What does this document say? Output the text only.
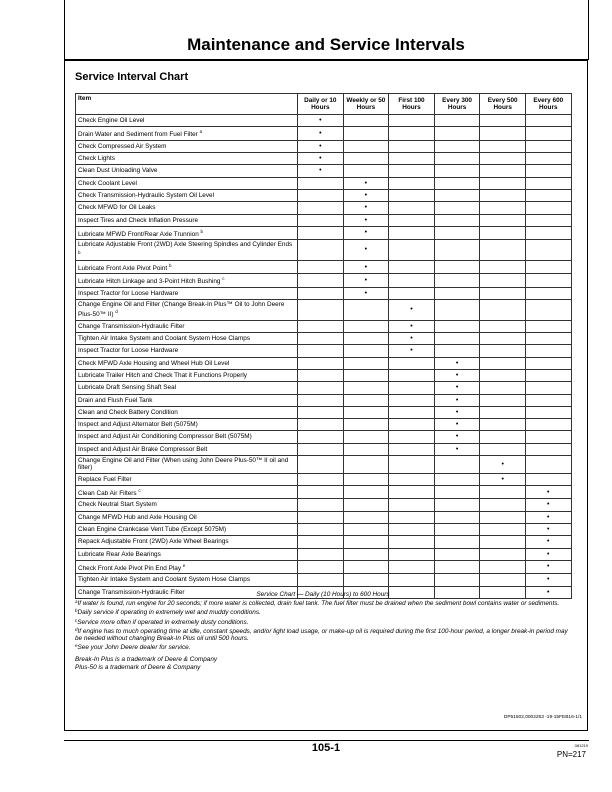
Maintenance and Service Intervals
Service Interval Chart
Item	Daily or 10 Hours	Weekly or 50 Hours	First 100 Hours	Every 300 Hours	Every 500 Hours	Every 600 Hours
Check Engine Oil Level	•					
Drain Water and Sediment from Fuel Filter $^a$	•					
Check Compressed Air System	•					
Check Lights	•					
Clean Dust Unloading Valve	•					
Check Coolant Level		•				
Check Transmission-Hydraulic System Oil Level		•				
Check MFWD for Oil Leaks		•				
Inspect Tires and Check Inflation Pressure		•				
Lubricate MFWD Front/Rear Axle Trunnion $^b$		•				
Lubricate Adjustable Front (2WD) Axle Steering Spindles and Cylinder Ends $^b$		•				
Lubricate Front Axle Pivot Point $^b$		•				
Lubricate Hitch Linkage and 3-Point Hitch Bushing $^c$		•				
Inspect Tractor for Loose Hardware		•				
Change Engine Oil and Filter (Change Break-In Plus™ Oil to John Deere Plus-50™ II) $^d$			•			
Change Transmission-Hydraulic Filter			•			
Tighten Air Intake System and Coolant System Hose Clamps			•			
Inspect Tractor for Loose Hardware			•			
Check MFWD Axle Housing and Wheel Hub Oil Level				•		
Lubricate Trailer Hitch and Check That it Functions Properly				•		
Lubricate Draft Sensing Shaft Seal				•		
Drain and Flush Fuel Tank				•		
Clean and Check Battery Condition				•		
Inspect and Adjust Alternator Belt (5075M)				•		
Inspect and Adjust Air Conditioning Compressor Belt (5075M)				•		
Inspect and Adjust Air Brake Compressor Belt				•		
Change Engine Oil and Filter (When using John Deere Plus-50™ II oil and filter)					•	
Replace Fuel Filter					•	
Clean Cab Air Filters $^c$						•
Check Neutral Start System						•
Change MFWD Hub and Axle Housing Oil						•
Clean Engine Crankcase Vent Tube (Except 5075M)						•
Repack Adjustable Front (2WD) Axle Wheel Bearings						•
Lubricate Rear Axle Bearings						•
Check Front Axle Pivot Pin End Play $^e$						•
Tighten Air Intake System and Coolant System Hose Clamps						•
Change Transmission-Hydraulic Filter						•
Service Chart — Daily (10 Hours) to 600 Hours
$^a$If water is found, run engine for 20 seconds; if more water is collected, drain fuel tank. The fuel filter must be drained when the sediment bowl contains water or sediments.
$^b$Daily service if operating in extremely wet and muddy conditions.
$^c$Service more often if operated in extremely dusty conditions.
$^d$If engine has to much operating time at idle, constant speeds, and/or light load usage, or make-up oil is required during the first 100-hour period, a longer break-in period may be needed without changing Break-In Plus oil until 500 hours.
$^e$See your John Deere dealer for service.
Break-In Plus is a trademark of Deere & Company
Plus-50 is a trademark of Deere & Company
DP51502,0002253 -19-15FEB16-1/1
105-1	081219
PN=217
